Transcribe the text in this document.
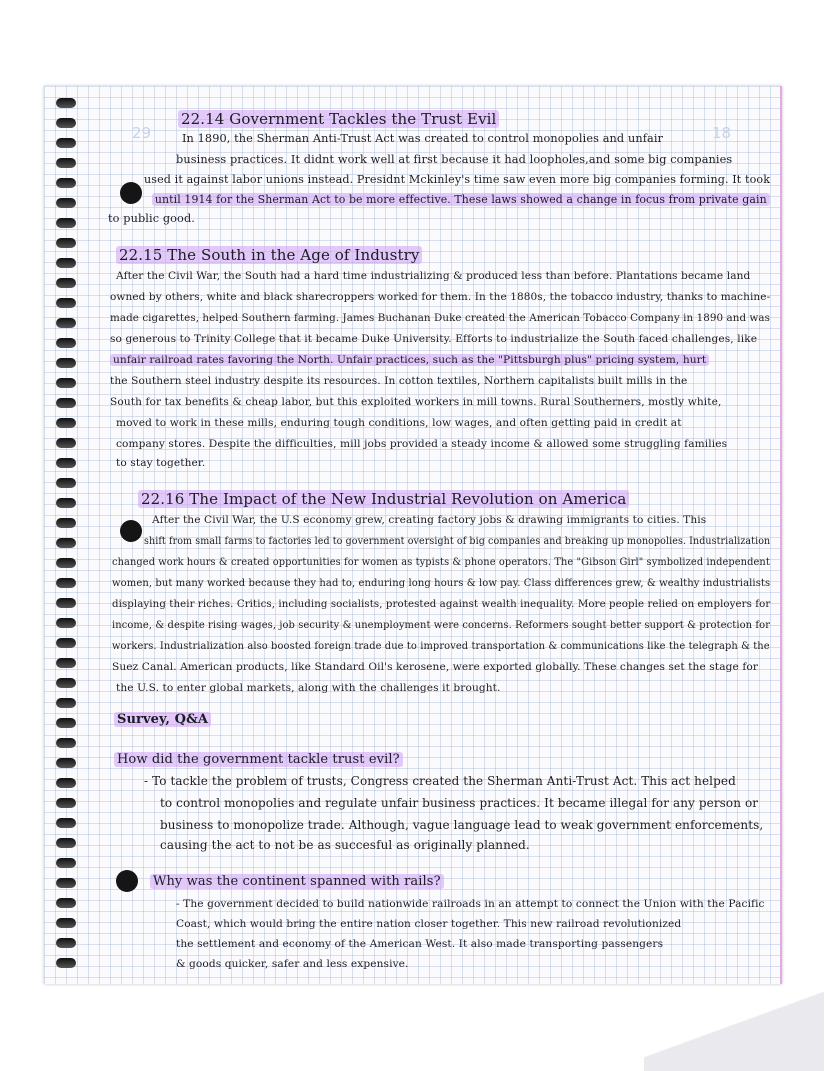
29	18
22.14 Government Tackles the Trust Evil
In 1890, the Sherman Anti-Trust Act was created to control monopolies and unfair
business practices. It didnt work well at first because it had loopholes,and some big companies
used it against labor unions instead. Presidnt Mckinley's time saw even more big companies forming. It took
until 1914 for the Sherman Act to be more effective. These laws showed a change in focus from private gain
to public good.
22.15 The South in the Age of Industry
After the Civil War, the South had a hard time industrializing & produced less than before. Plantations became land
owned by others, white and black sharecroppers worked for them. In the 1880s, the tobacco industry, thanks to machine-
made cigarettes, helped Southern farming. James Buchanan Duke created the American Tobacco Company in 1890 and was
so generous to Trinity College that it became Duke University. Efforts to industrialize the South faced challenges, like
unfair railroad rates favoring the North. Unfair practices, such as the "Pittsburgh plus" pricing system, hurt
the Southern steel industry despite its resources. In cotton textiles, Northern capitalists built mills in the
South for tax benefits & cheap labor, but this exploited workers in mill towns. Rural Southerners, mostly white,
moved to work in these mills, enduring tough conditions, low wages, and often getting paid in credit at
company stores. Despite the difficulties, mill jobs provided a steady income & allowed some struggling families
to stay together.
22.16 The Impact of the New Industrial Revolution on America
After the Civil War, the U.S economy grew, creating factory jobs & drawing immigrants to cities. This
shift from small farms to factories led to government oversight of big companies and breaking up monopolies. Industrialization
changed work hours & created opportunities for women as typists & phone operators. The "Gibson Girl" symbolized independent
women, but many worked because they had to, enduring long hours & low pay. Class differences grew, & wealthy industrialists
displaying their riches. Critics, including socialists, protested against wealth inequality. More people relied on employers for
income, & despite rising wages, job security & unemployment were concerns. Reformers sought better support & protection for
workers. Industrialization also boosted foreign trade due to improved transportation & communications like the telegraph & the
Suez Canal. American products, like Standard Oil's kerosene, were exported globally. These changes set the stage for
the U.S. to enter global markets, along with the challenges it brought.
Survey, Q&A
How did the government tackle trust evil?
- To tackle the problem of trusts, Congress created the Sherman Anti-Trust Act. This act helped
to control monopolies and regulate unfair business practices. It became illegal for any person or
business to monopolize trade. Although, vague language lead to weak government enforcements,
causing the act to not be as succesful as originally planned.
Why was the continent spanned with rails?
- The government decided to build nationwide railroads in an attempt to connect the Union with the Pacific
Coast, which would bring the entire nation closer together. This new railroad revolutionized
the settlement and economy of the American West. It also made transporting passengers
& goods quicker, safer and less expensive.
